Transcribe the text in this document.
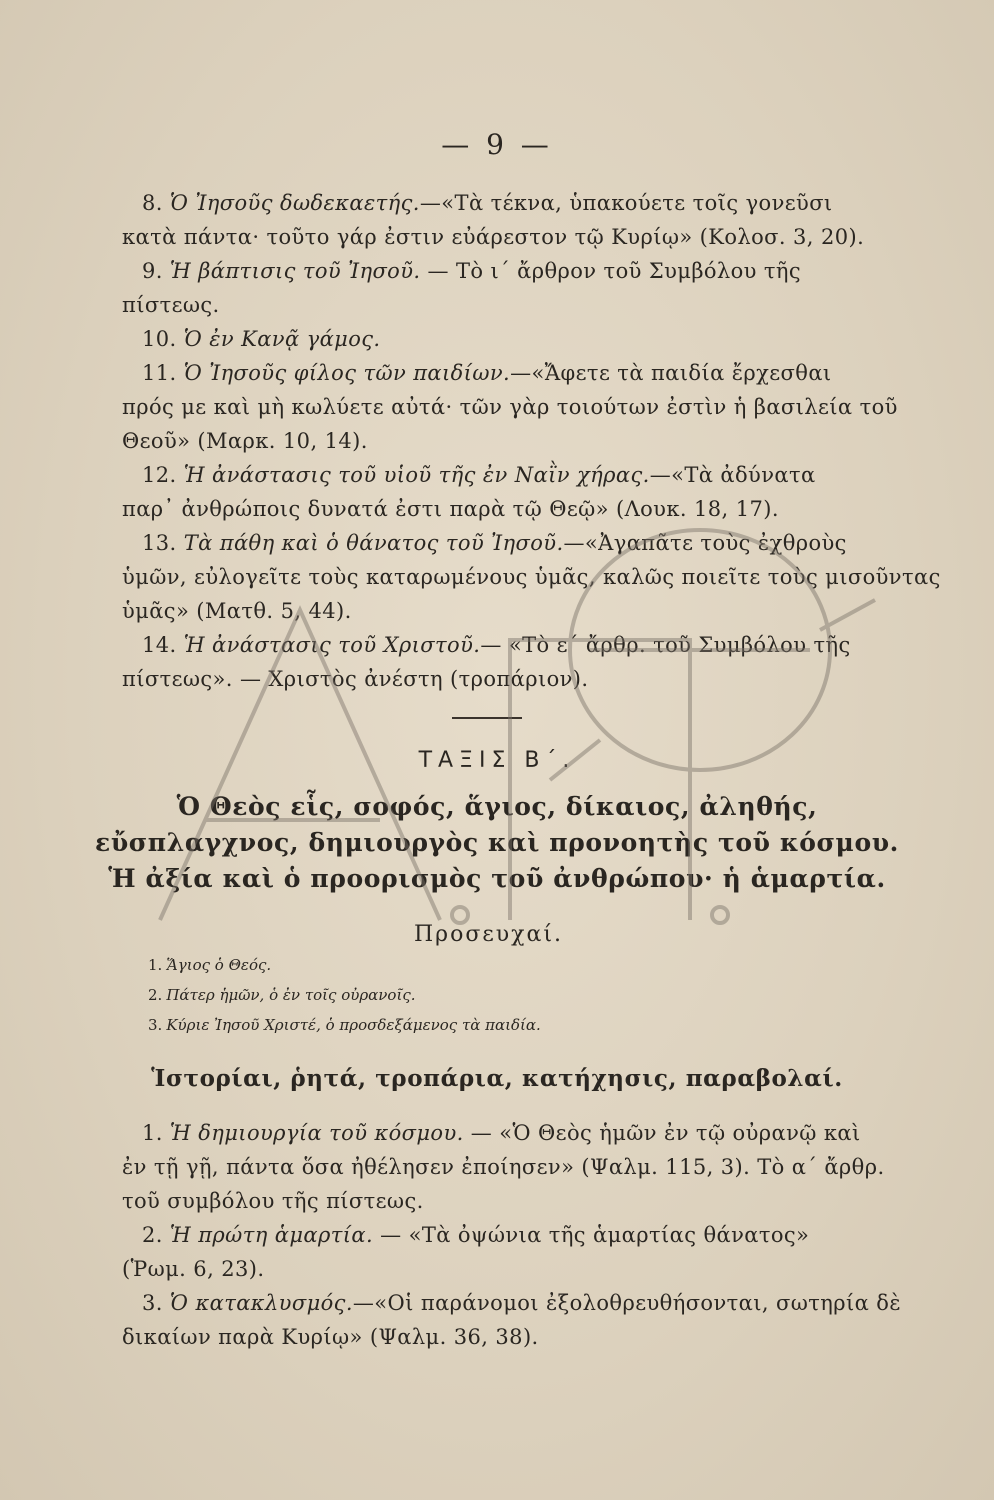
— 9 —
8. Ὁ Ἰησοῦς δωδεκαετής.—«Τὰ τέκνα, ὑπακούετε τοῖς γονεῦσι
κατὰ πάντα· τοῦτο γάρ ἐστιν εὐάρεστον τῷ Κυρίῳ» (Κολοσ. 3, 20).
9. Ἡ βάπτισις τοῦ Ἰησοῦ. — Τὸ ι´ ἄρθρον τοῦ Συμβόλου τῆς
πίστεως.
10. Ὁ ἐν Κανᾷ γάμος.
11. Ὁ Ἰησοῦς φίλος τῶν παιδίων.—«Ἄφετε τὰ παιδία ἔρχεσθαι
πρός με καὶ μὴ κωλύετε αὐτά· τῶν γὰρ τοιούτων ἐστὶν ἡ βασιλεία τοῦ
Θεοῦ» (Μαρκ. 10, 14).
12. Ἡ ἀνάστασις τοῦ υἱοῦ τῆς ἐν Ναῒν χήρας.—«Τὰ ἀδύνατα
παρ᾽ ἀνθρώποις δυνατά ἐστι παρὰ τῷ Θεῷ» (Λουκ. 18, 17).
13. Τὰ πάθη καὶ ὁ θάνατος τοῦ Ἰησοῦ.—«Ἀγαπᾶτε τοὺς ἐχθροὺς
ὑμῶν, εὐλογεῖτε τοὺς καταρωμένους ὑμᾶς, καλῶς ποιεῖτε τοὺς μισοῦντας
ὑμᾶς» (Ματθ. 5, 44).
14. Ἡ ἀνάστασις τοῦ Χριστοῦ.— «Τὸ ε´ ἄρθρ. τοῦ Συμβόλου τῆς
πίστεως». — Χριστὸς ἀνέστη (τροπάριον).
ΤΑΞΙΣ Β´.
Ὁ Θεὸς εἷς, σοφός, ἅγιος, δίκαιος, ἀληθής,
εὔσπλαγχνος, δημιουργὸς καὶ προνοητὴς τοῦ κόσμου.
Ἡ ἀξία καὶ ὁ προορισμὸς τοῦ ἀνθρώπου· ἡ ἁμαρτία.
Προσευχαί.
1. Ἅγιος ὁ Θεός.
2. Πάτερ ἡμῶν, ὁ ἐν τοῖς οὐρανοῖς.
3. Κύριε Ἰησοῦ Χριστέ, ὁ προσδεξάμενος τὰ παιδία.
Ἱστορίαι, ῥητά, τροπάρια, κατήχησις, παραβολαί.
1. Ἡ δημιουργία τοῦ κόσμου. — «Ὁ Θεὸς ἡμῶν ἐν τῷ οὐρανῷ καὶ
ἐν τῇ γῇ, πάντα ὅσα ἠθέλησεν ἐποίησεν» (Ψαλμ. 115, 3). Τὸ α´ ἄρθρ.
τοῦ συμβόλου τῆς πίστεως.
2. Ἡ πρώτη ἁμαρτία. — «Τὰ ὀψώνια τῆς ἁμαρτίας θάνατος»
(Ῥωμ. 6, 23).
3. Ὁ κατακλυσμός.—«Οἱ παράνομοι ἐξολοθρευθήσονται, σωτηρία δὲ
δικαίων παρὰ Κυρίῳ» (Ψαλμ. 36, 38).
